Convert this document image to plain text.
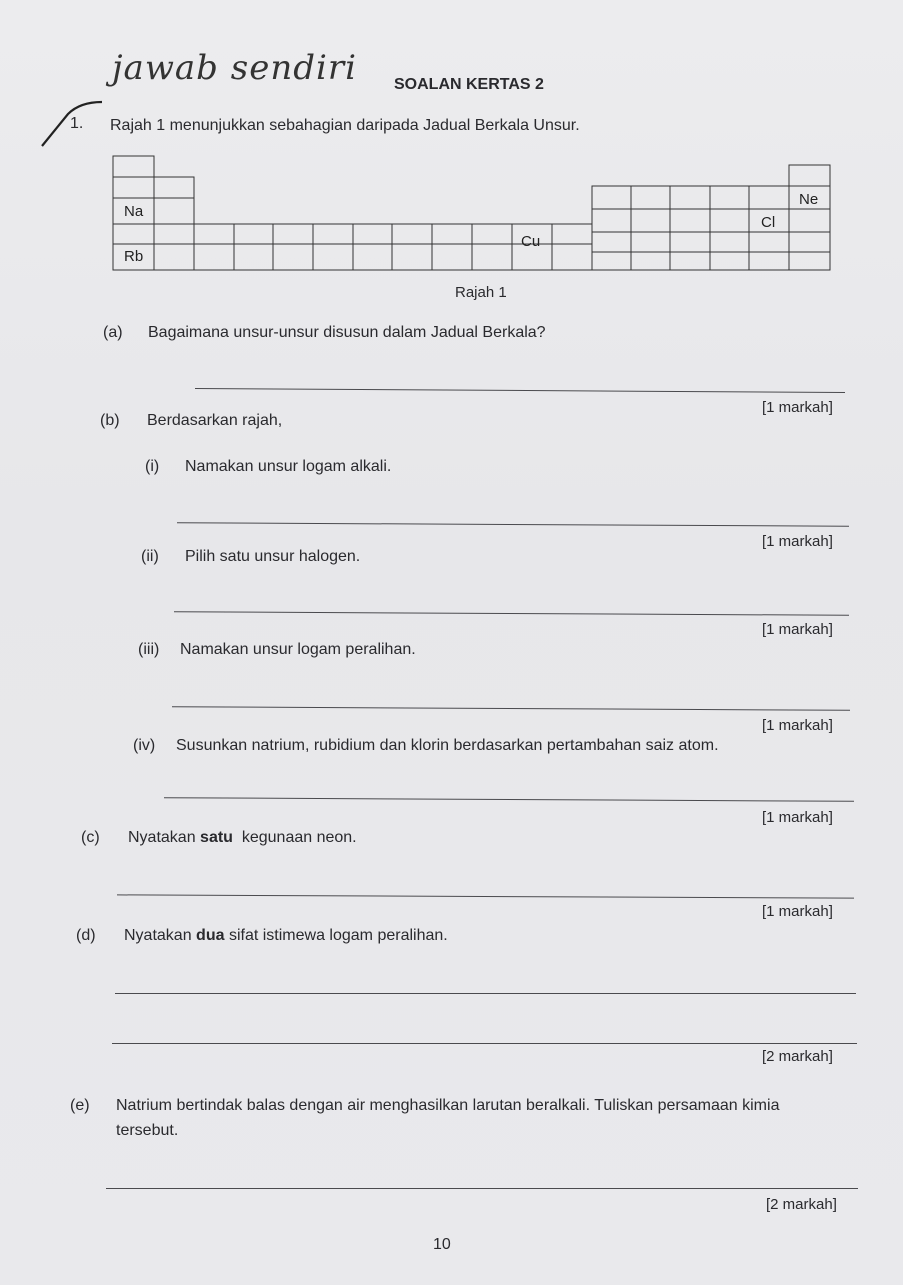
jawab sendiri SOALAN KERTAS 2
1. Rajah 1 menunjukkan sebahagian daripada Jadual Berkala Unsur.
Na
Rb
Cu
Cl
Ne
Rajah 1
(a) Bagaimana unsur-unsur disusun dalam Jadual Berkala?
[1 markah]
(b) Berdasarkan rajah,
(i) Namakan unsur logam alkali.
[1 markah]
(ii) Pilih satu unsur halogen.
[1 markah]
(iii) Namakan unsur logam peralihan.
[1 markah]
(iv) Susunkan natrium, rubidium dan klorin berdasarkan pertambahan saiz atom.
[1 markah]
(c) Nyatakan satu  kegunaan neon.
[1 markah]
(d) Nyatakan dua sifat istimewa logam peralihan.
[2 markah]
(e) Natrium bertindak balas dengan air menghasilkan larutan beralkali. Tuliskan persamaan kimia
tersebut.
[2 markah]
10
